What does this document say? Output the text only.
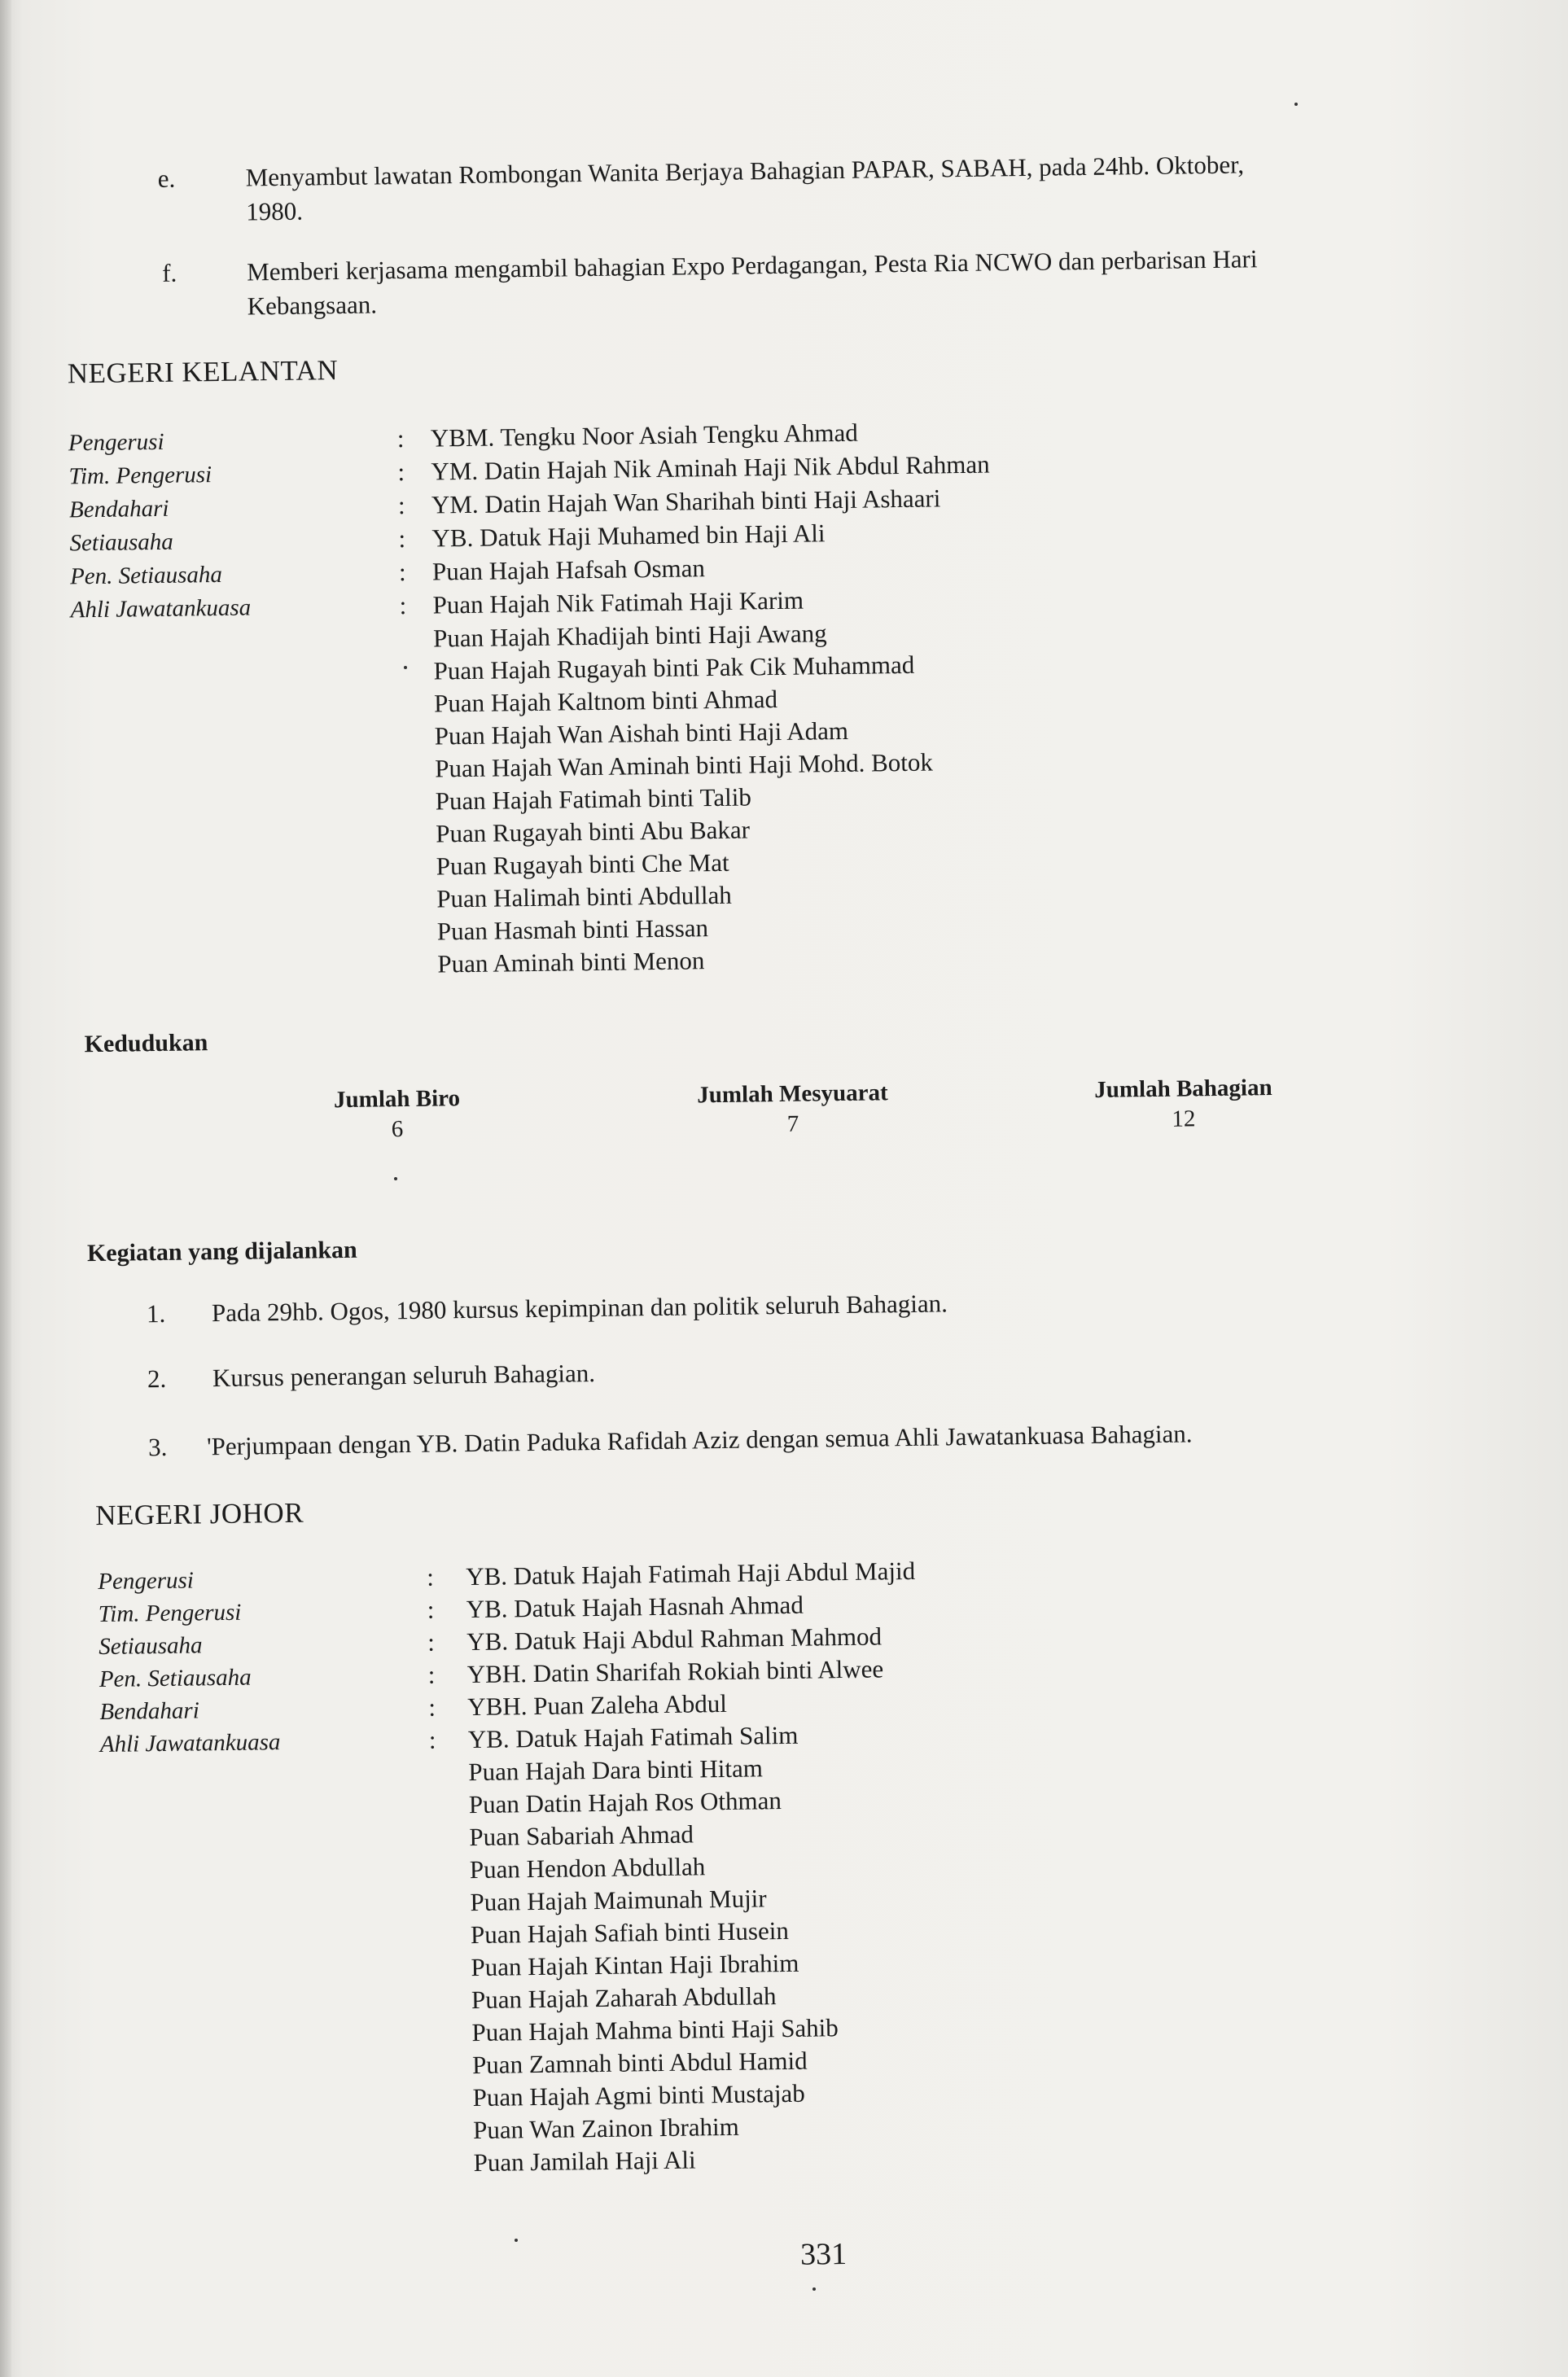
e.	Menyambut lawatan Rombongan Wanita Berjaya Bahagian PAPAR, SABAH, pada 24hb. Oktober,
1980.
f.	Memberi kerjasama mengambil bahagian Expo Perdagangan, Pesta Ria NCWO dan perbarisan Hari
Kebangsaan.
NEGERI KELANTAN
Pengerusi	: YBM. Tengku Noor Asiah Tengku Ahmad
Tim. Pengerusi	: YM. Datin Hajah Nik Aminah Haji Nik Abdul Rahman
Bendahari	: YM. Datin Hajah Wan Sharihah binti Haji Ashaari
Setiausaha	: YB. Datuk Haji Muhamed bin Haji Ali
Pen. Setiausaha	: Puan Hajah Hafsah Osman
Ahli Jawatankuasa	: Puan Hajah Nik Fatimah Haji Karim
Puan Hajah Khadijah binti Haji Awang
Puan Hajah Rugayah binti Pak Cik Muhammad
Puan Hajah Kaltnom binti Ahmad
Puan Hajah Wan Aishah binti Haji Adam
Puan Hajah Wan Aminah binti Haji Mohd. Botok
Puan Hajah Fatimah binti Talib
Puan Rugayah binti Abu Bakar
Puan Rugayah binti Che Mat
Puan Halimah binti Abdullah
Puan Hasmah binti Hassan
Puan Aminah binti Menon
Kedudukan
Jumlah Biro
6
Jumlah Mesyuarat
7
Jumlah Bahagian
12
Kegiatan yang dijalankan
1. Pada 29hb. Ogos, 1980 kursus kepimpinan dan politik seluruh Bahagian.
2. Kursus penerangan seluruh Bahagian.
3. 'Perjumpaan dengan YB. Datin Paduka Rafidah Aziz dengan semua Ahli Jawatankuasa Bahagian.
NEGERI JOHOR
Pengerusi	: YB. Datuk Hajah Fatimah Haji Abdul Majid
Tim. Pengerusi	: YB. Datuk Hajah Hasnah Ahmad
Setiausaha	: YB. Datuk Haji Abdul Rahman Mahmod
Pen. Setiausaha	: YBH. Datin Sharifah Rokiah binti Alwee
Bendahari	: YBH. Puan Zaleha Abdul
Ahli Jawatankuasa	: YB. Datuk Hajah Fatimah Salim
Puan Hajah Dara binti Hitam
Puan Datin Hajah Ros Othman
Puan Sabariah Ahmad
Puan Hendon Abdullah
Puan Hajah Maimunah Mujir
Puan Hajah Safiah binti Husein
Puan Hajah Kintan Haji Ibrahim
Puan Hajah Zaharah Abdullah
Puan Hajah Mahma binti Haji Sahib
Puan Zamnah binti Abdul Hamid
Puan Hajah Agmi binti Mustajab
Puan Wan Zainon Ibrahim
Puan Jamilah Haji Ali
331
